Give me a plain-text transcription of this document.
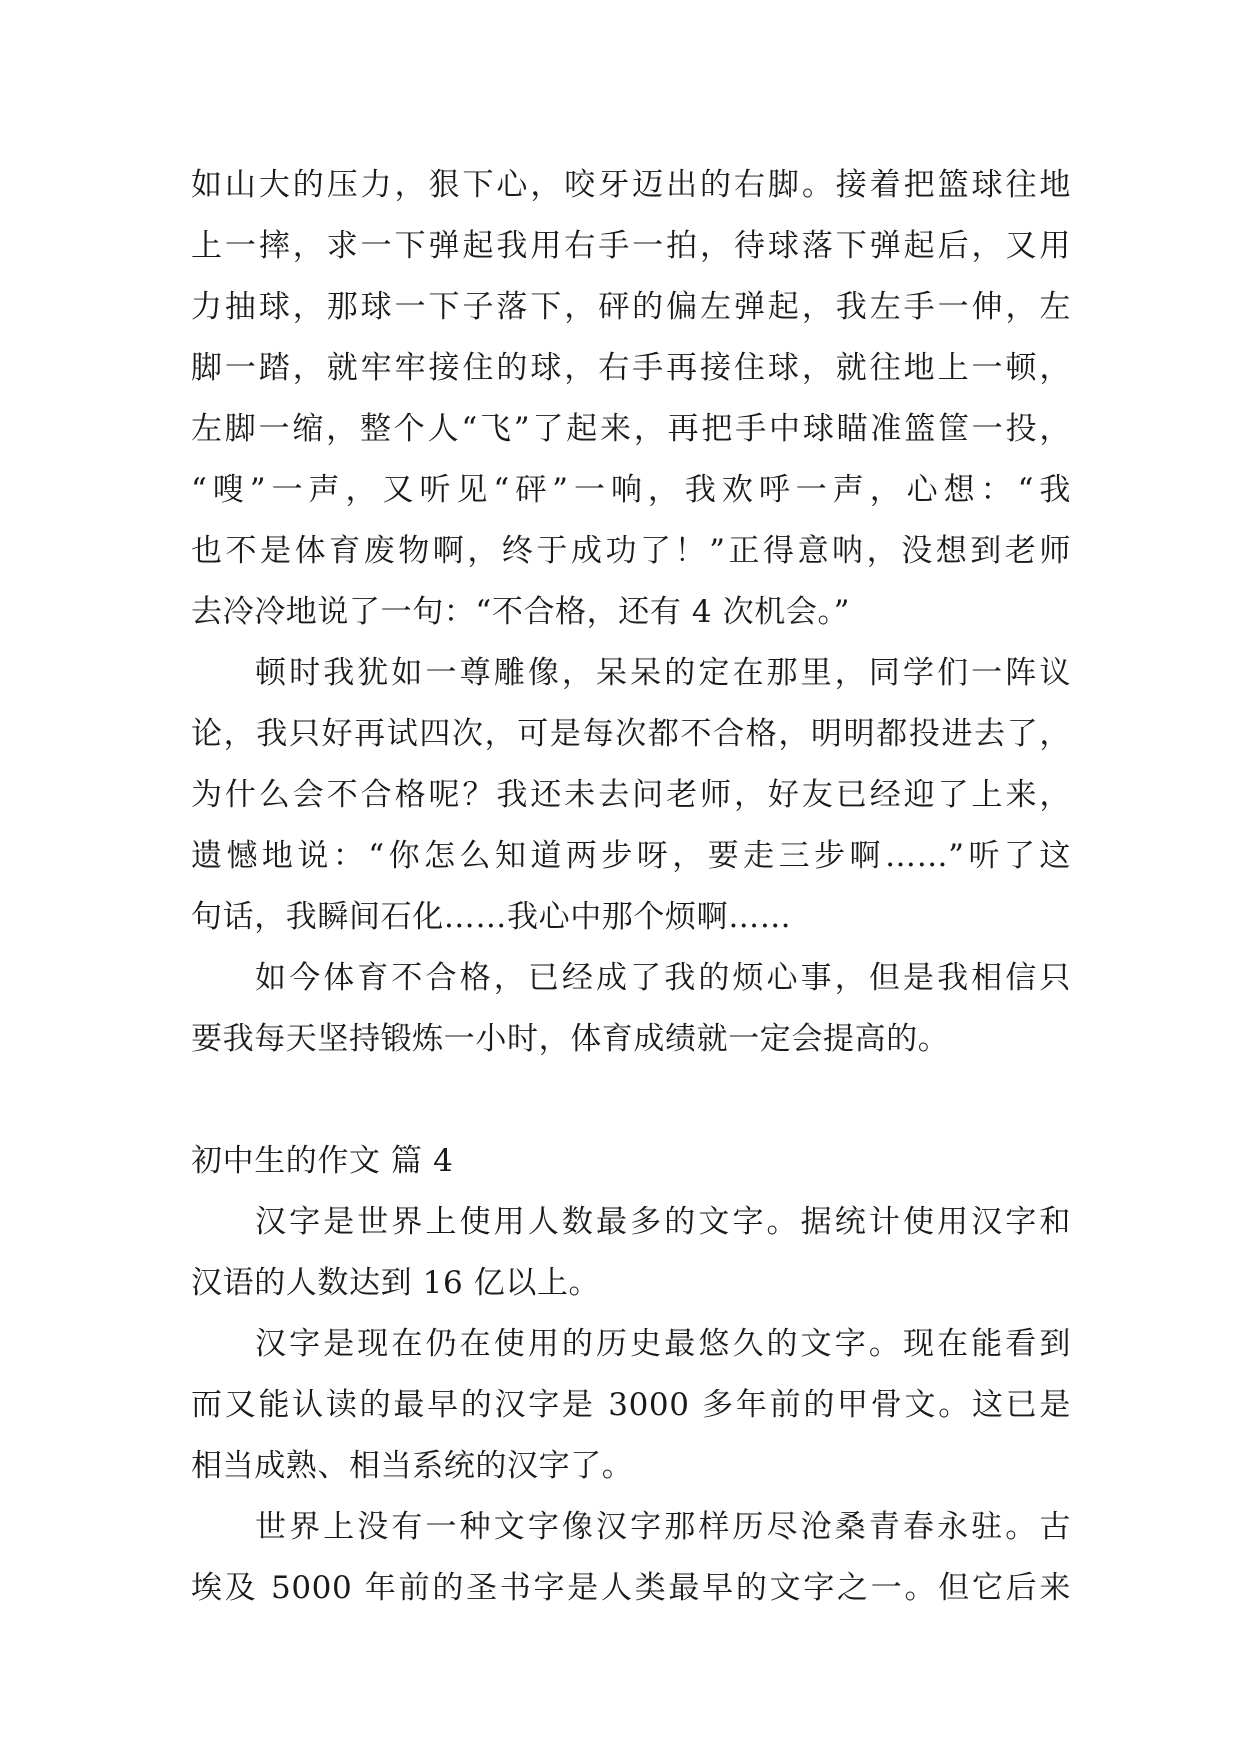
如山大的压力，狠下心，咬牙迈出的右脚。接着把篮球往地
上一摔，求一下弹起我用右手一拍，待球落下弹起后，又用
力抽球，那球一下子落下，砰的偏左弹起，我左手一伸，左
脚一踏，就牢牢接住的球，右手再接住球，就往地上一顿，
左脚一缩，整个人“飞”了起来，再把手中球瞄准篮筐一投，
“嗖”一声，又听见“砰”一响，我欢呼一声，心想：“我
也不是体育废物啊，终于成功了！”正得意呐，没想到老师
去冷冷地说了一句：“不合格，还有 4 次机会。”
顿时我犹如一尊雕像，呆呆的定在那里，同学们一阵议
论，我只好再试四次，可是每次都不合格，明明都投进去了，
为什么会不合格呢？我还未去问老师，好友已经迎了上来，
遗憾地说：“你怎么知道两步呀，要走三步啊……”听了这
句话，我瞬间石化……我心中那个烦啊……
如今体育不合格，已经成了我的烦心事，但是我相信只
要我每天坚持锻炼一小时，体育成绩就一定会提高的。
初中生的作文 篇 4
汉字是世界上使用人数最多的文字。据统计使用汉字和
汉语的人数达到 16 亿以上。
汉字是现在仍在使用的历史最悠久的文字。现在能看到
而又能认读的最早的汉字是 3000 多年前的甲骨文。这已是
相当成熟、相当系统的汉字了。
世界上没有一种文字像汉字那样历尽沧桑青春永驻。古
埃及 5000 年前的圣书字是人类最早的文字之一。但它后来
